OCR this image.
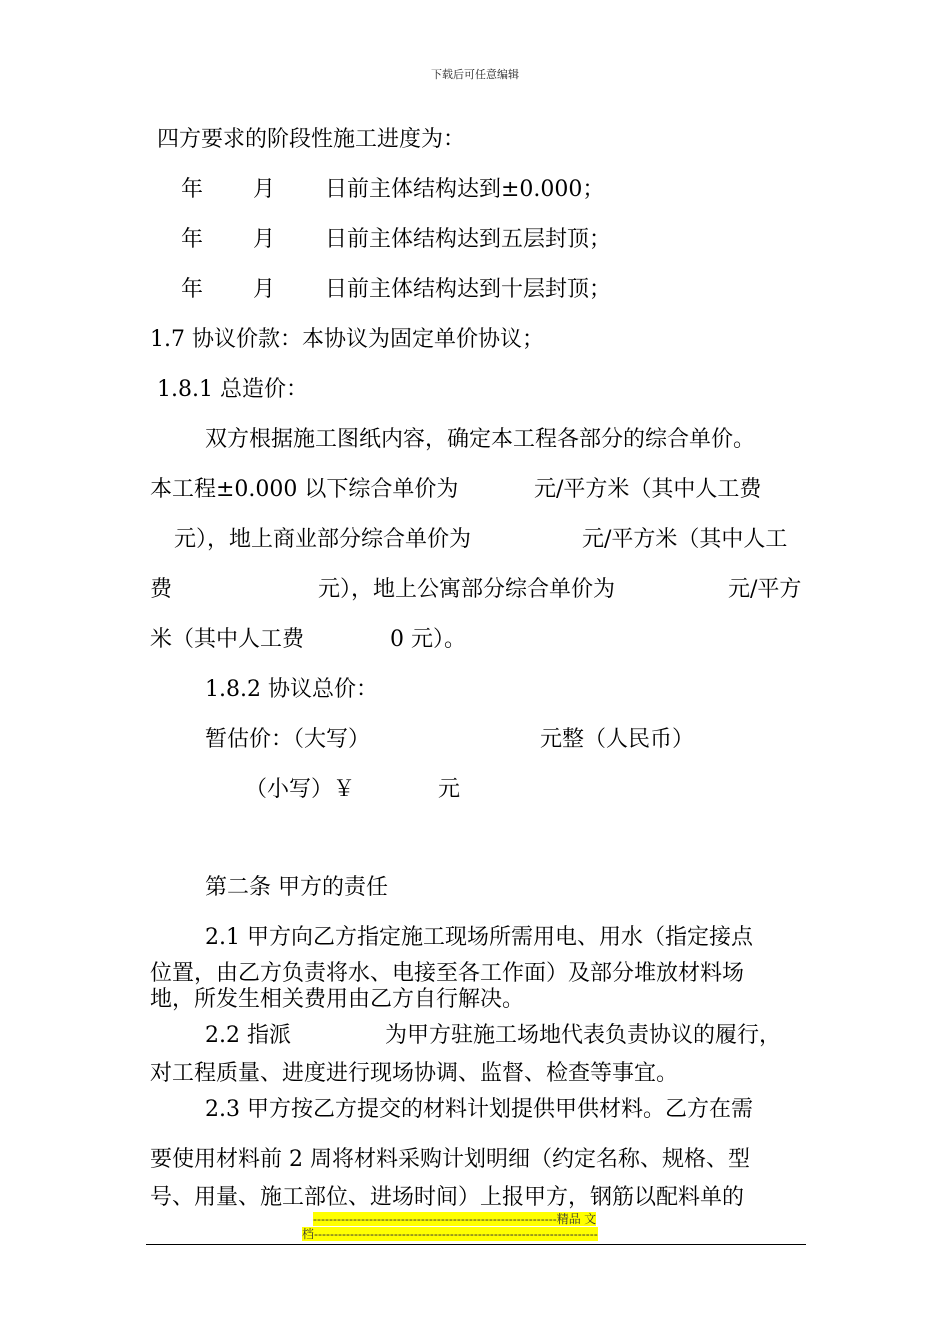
下载后可任意编辑
四方要求的阶段性施工进度为：
年 月 日前主体结构达到±0.000；
年 月 日前主体结构达到五层封顶；
年 月 日前主体结构达到十层封顶；
1.7 协议价款：本协议为固定单价协议；
1.8.1 总造价：
双方根据施工图纸内容，确定本工程各部分的综合单价。
本工程±0.000 以下综合单价为	元/平方米（其中人工费
元），地上商业部分综合单价为	元/平方米（其中人工
费	元），地上公寓部分综合单价为	元/平方
米（其中人工费	0 元）。
1.8.2 协议总价：
暂估价：（大写）	元整（人民币）
（小写）￥	元
第二条 甲方的责任
2.1 甲方向乙方指定施工现场所需用电、用水（指定接点
位置，由乙方负责将水、电接至各工作面）及部分堆放材料场
地，所发生相关费用由乙方自行解决。
2.2 指派	为甲方驻施工场地代表负责协议的履行，
对工程质量、进度进行现场协调、监督、检查等事宜。
2.3 甲方按乙方提交的材料计划提供甲供材料。乙方在需
要使用材料前 2 周将材料采购计划明细（约定名称、规格、型
号、用量、施工部位、进场时间）上报甲方，钢筋以配料单的
-------------------------------------------------------------精品 文
档-----------------------------------------------------------------------
